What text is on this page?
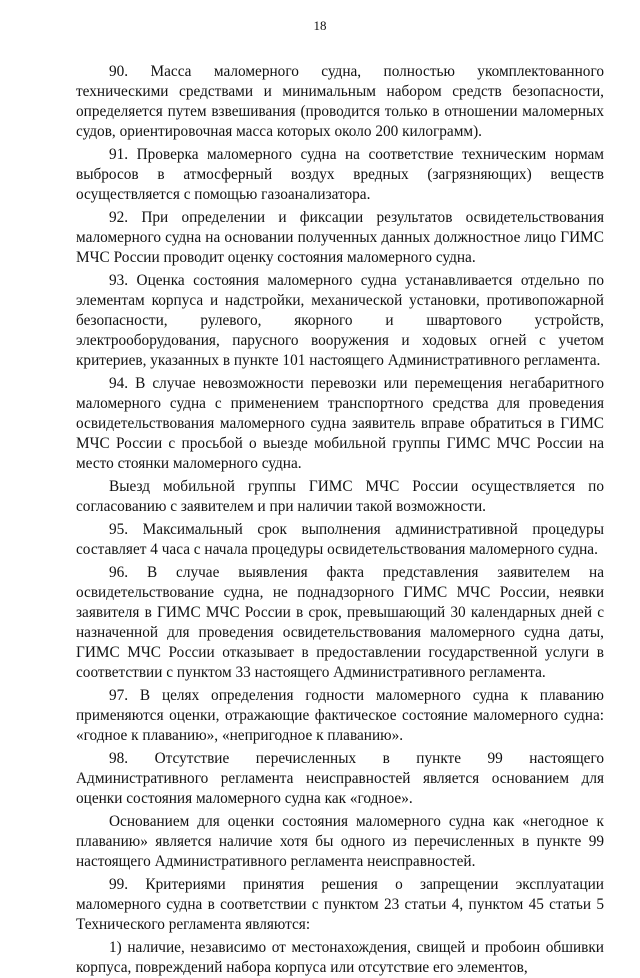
18

90. Масса маломерного судна, полностью укомплектованного техническими средствами и минимальным набором средств безопасности, определяется путем взвешивания (проводится только в отношении маломерных судов, ориентировочная масса которых около 200 килограмм).

91. Проверка маломерного судна на соответствие техническим нормам выбросов в атмосферный воздух вредных (загрязняющих) веществ осуществляется с помощью газоанализатора.

92. При определении и фиксации результатов освидетельствования маломерного судна на основании полученных данных должностное лицо ГИМС МЧС России проводит оценку состояния маломерного судна.

93. Оценка состояния маломерного судна устанавливается отдельно по элементам корпуса и надстройки, механической установки, противопожарной безопасности, рулевого, якорного и швартового устройств, электрооборудования, парусного вооружения и ходовых огней с учетом критериев, указанных в пункте 101 настоящего Административного регламента.

94. В случае невозможности перевозки или перемещения негабаритного маломерного судна с применением транспортного средства для проведения освидетельствования маломерного судна заявитель вправе обратиться в ГИМС МЧС России с просьбой о выезде мобильной группы ГИМС МЧС России на место стоянки маломерного судна.

Выезд мобильной группы ГИМС МЧС России осуществляется по согласованию с заявителем и при наличии такой возможности.

95. Максимальный срок выполнения административной процедуры составляет 4 часа с начала процедуры освидетельствования маломерного судна.

96. В случае выявления факта представления заявителем на освидетельствование судна, не поднадзорного ГИМС МЧС России, неявки заявителя в ГИМС МЧС России в срок, превышающий 30 календарных дней с назначенной для проведения освидетельствования маломерного судна даты, ГИМС МЧС России отказывает в предоставлении государственной услуги в соответствии с пунктом 33 настоящего Административного регламента.

97. В целях определения годности маломерного судна к плаванию применяются оценки, отражающие фактическое состояние маломерного судна: «годное к плаванию», «непригодное к плаванию».

98. Отсутствие перечисленных в пункте 99 настоящего Административного регламента неисправностей является основанием для оценки состояния маломерного судна как «годное».

Основанием для оценки состояния маломерного судна как «негодное к плаванию» является наличие хотя бы одного из перечисленных в пункте 99 настоящего Административного регламента неисправностей.

99. Критериями принятия решения о запрещении эксплуатации маломерного судна в соответствии с пунктом 23 статьи 4, пунктом 45 статьи 5 Технического регламента являются:

1) наличие, независимо от местонахождения, свищей и пробоин обшивки корпуса, повреждений набора корпуса или отсутствие его элементов,
